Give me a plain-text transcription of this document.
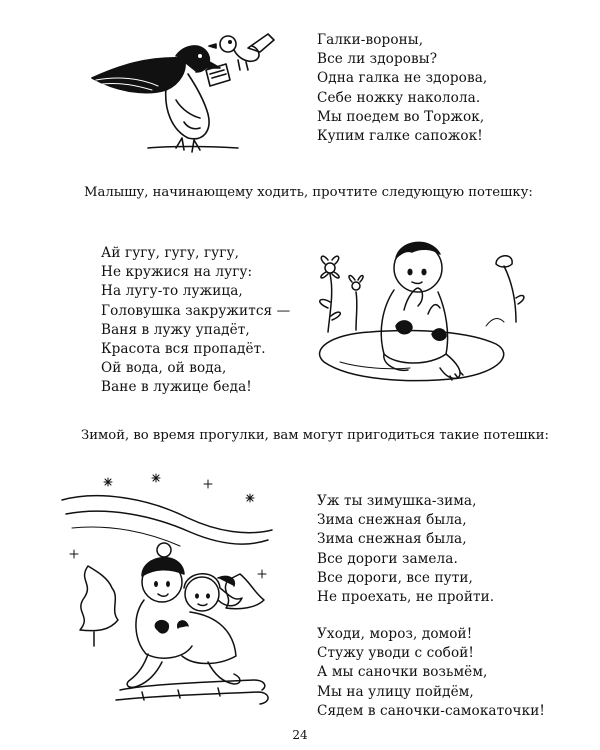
Галки-вороны,
Все ли здоровы?
Одна галка не здорова,
Себе ножку наколола.
Мы поедем во Торжок,
Купим галке сапожок!
Малышу, начинающему ходить, прочтите следующую потешку:
Ай гугу, гугу, гугу,
Не кружися на лугу:
На лугу-то лужица,
Головушка закружится —
Ваня в лужу упадёт,
Красота вся пропадёт.
Ой вода, ой вода,
Ване в лужице беда!
Зимой, во время прогулки, вам могут пригодиться такие потешки:
Уж ты зимушка-зима,
Зима снежная была,
Зима снежная была,
Все дороги замела.
Все дороги, все пути,
Не проехать, не пройти.
Уходи, мороз, домой!
Стужу уводи с собой!
А мы саночки возьмём,
Мы на улицу пойдём,
Сядем в саночки-самокаточки!
24
